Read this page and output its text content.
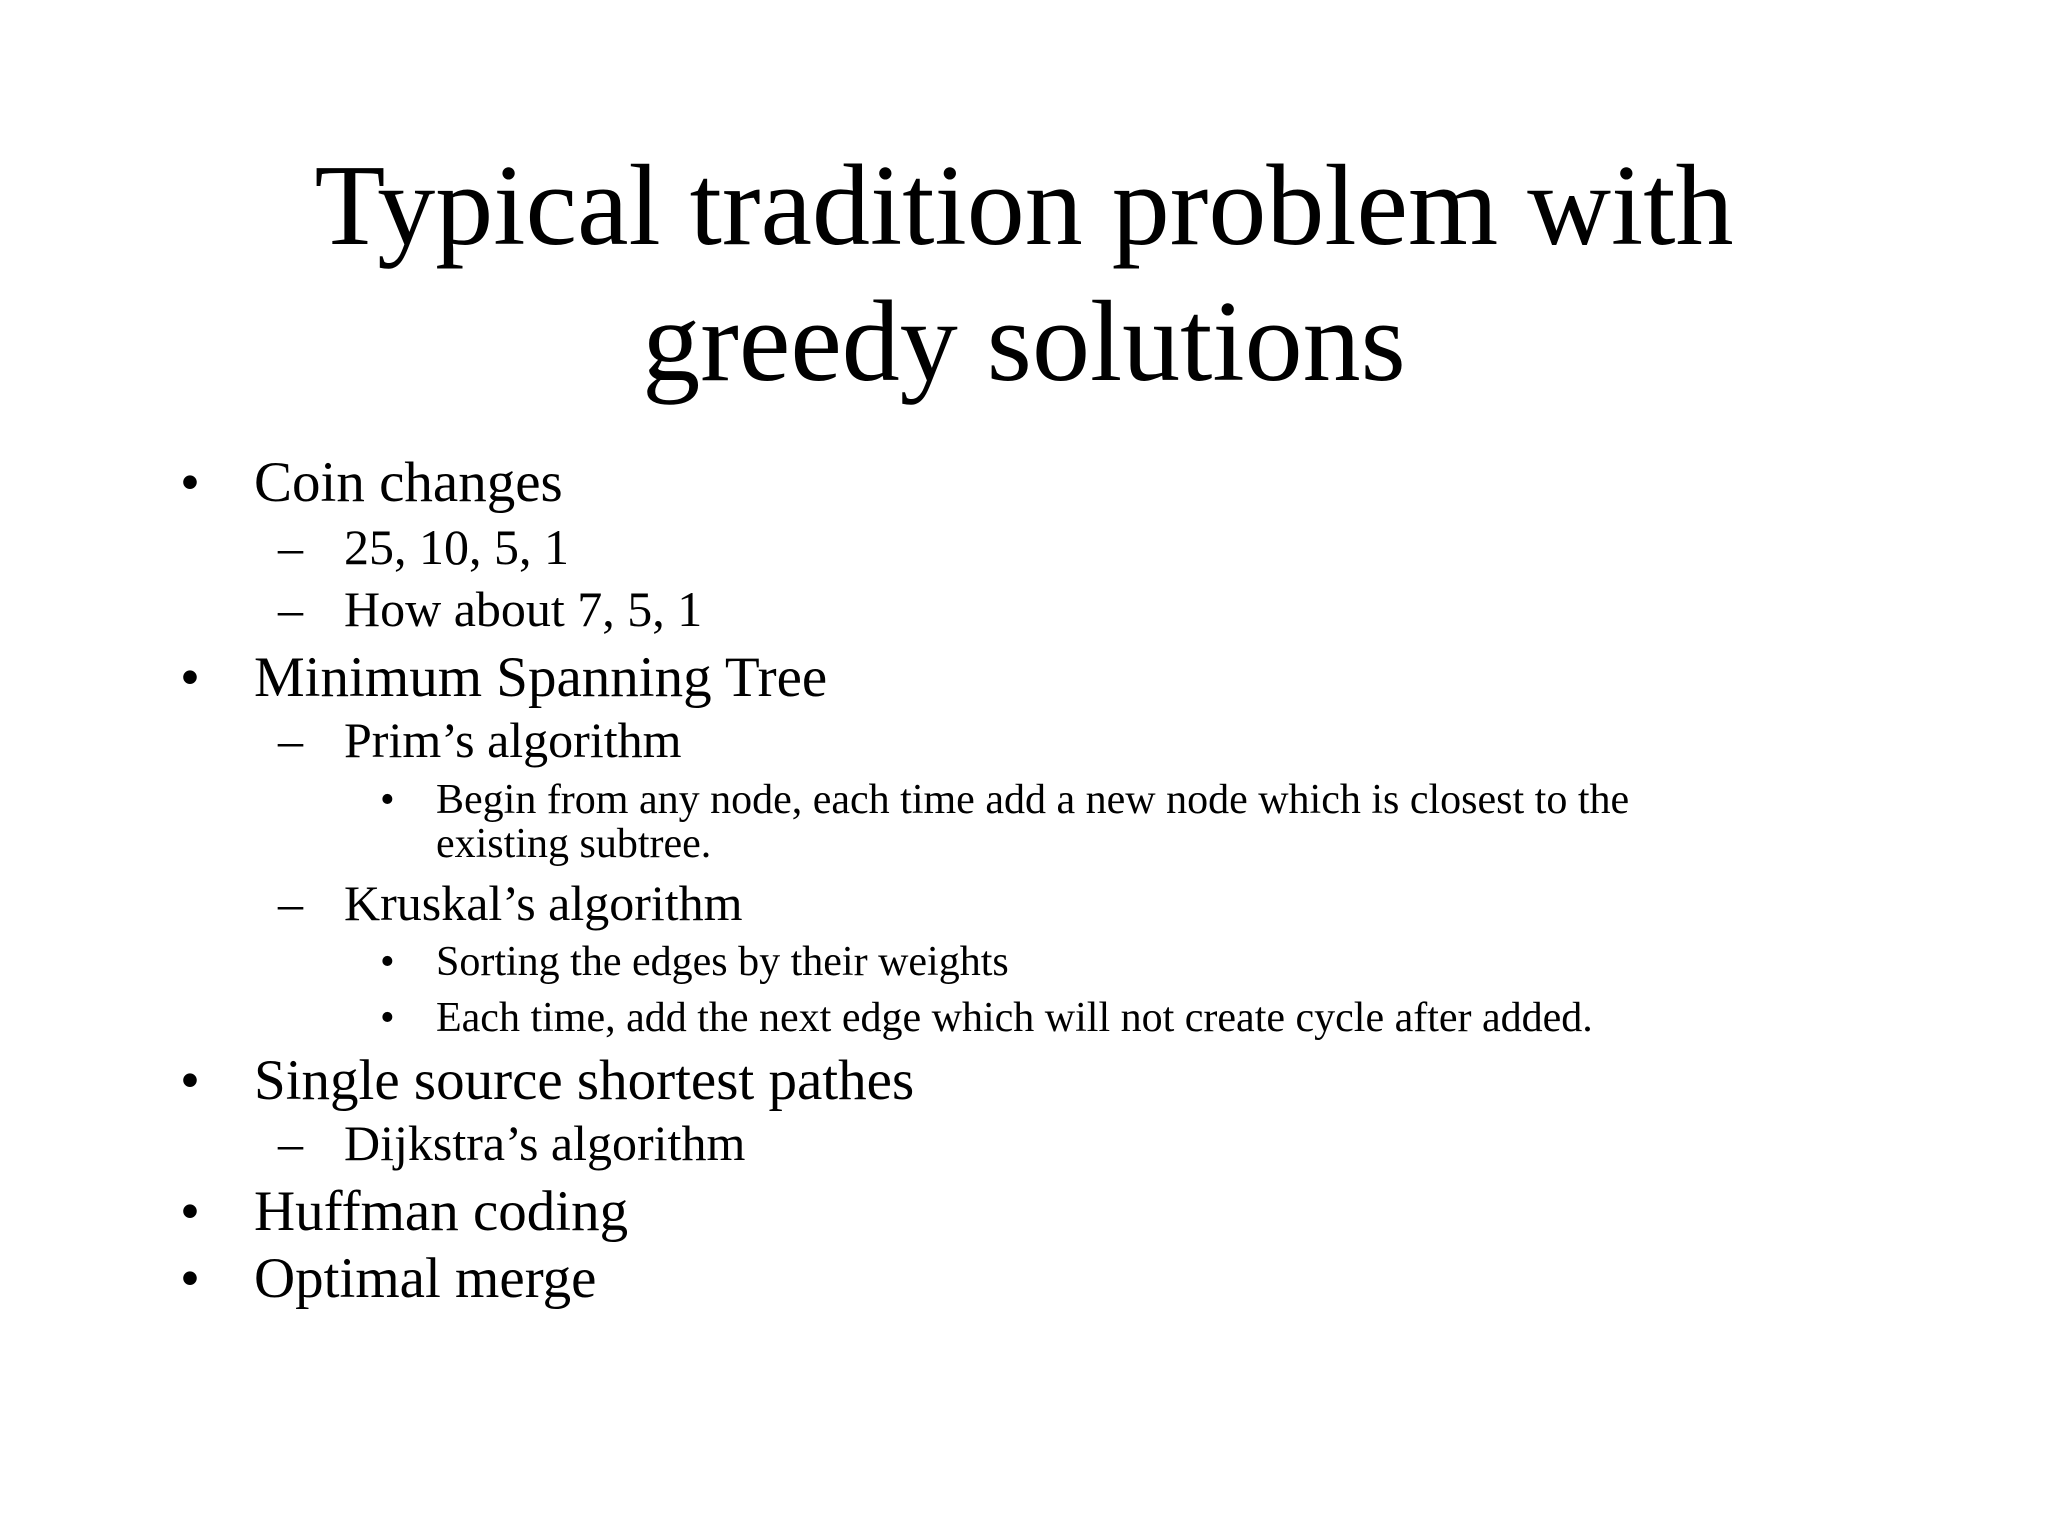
Typical tradition problem with
greedy solutions
• Coin changes
– 25, 10, 5, 1
– How about 7, 5, 1
• Minimum Spanning Tree
– Prim’s algorithm
• Begin from any node, each time add a new node which is closest to the
existing subtree.
– Kruskal’s algorithm
• Sorting the edges by their weights
• Each time, add the next edge which will not create cycle after added.
• Single source shortest pathes
– Dijkstra’s algorithm
• Huffman coding
• Optimal merge
